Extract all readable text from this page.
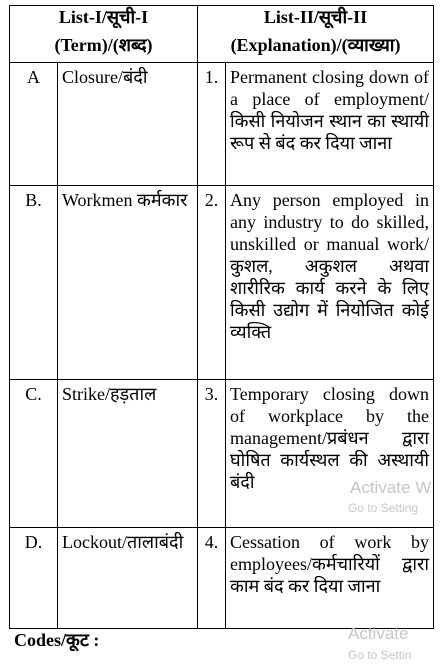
List-I/सूची-I
(Term)/(शब्द)		List-II/सूची-II
(Explanation)/(व्याख्या)	

A	Closure/बंदी	1.	Permanent closing down of a place of employment/किसी नियोजन स्थान का स्थायी रूप से बंद कर दिया जाना
B.	Workmen कर्मकार	2.	Any person employed in any industry to do skilled, unskilled or manual work/कुशल, अकुशल अथवा शारीरिक कार्य करने के लिए किसी उद्योग में नियोजित कोई व्यक्ति
C.	Strike/हड़ताल	3.	Temporary closing down of workplace by the management/प्रबंधन द्वारा घोषित कार्यस्थल की अस्थायी बंदी
D.	Lockout/तालाबंदी	4.	Cessation of work by employees/कर्मचारियों द्वारा काम बंद कर दिया जाना
Codes/कूट :
Activate W
Go to Setting
Activate
Go to Settin
